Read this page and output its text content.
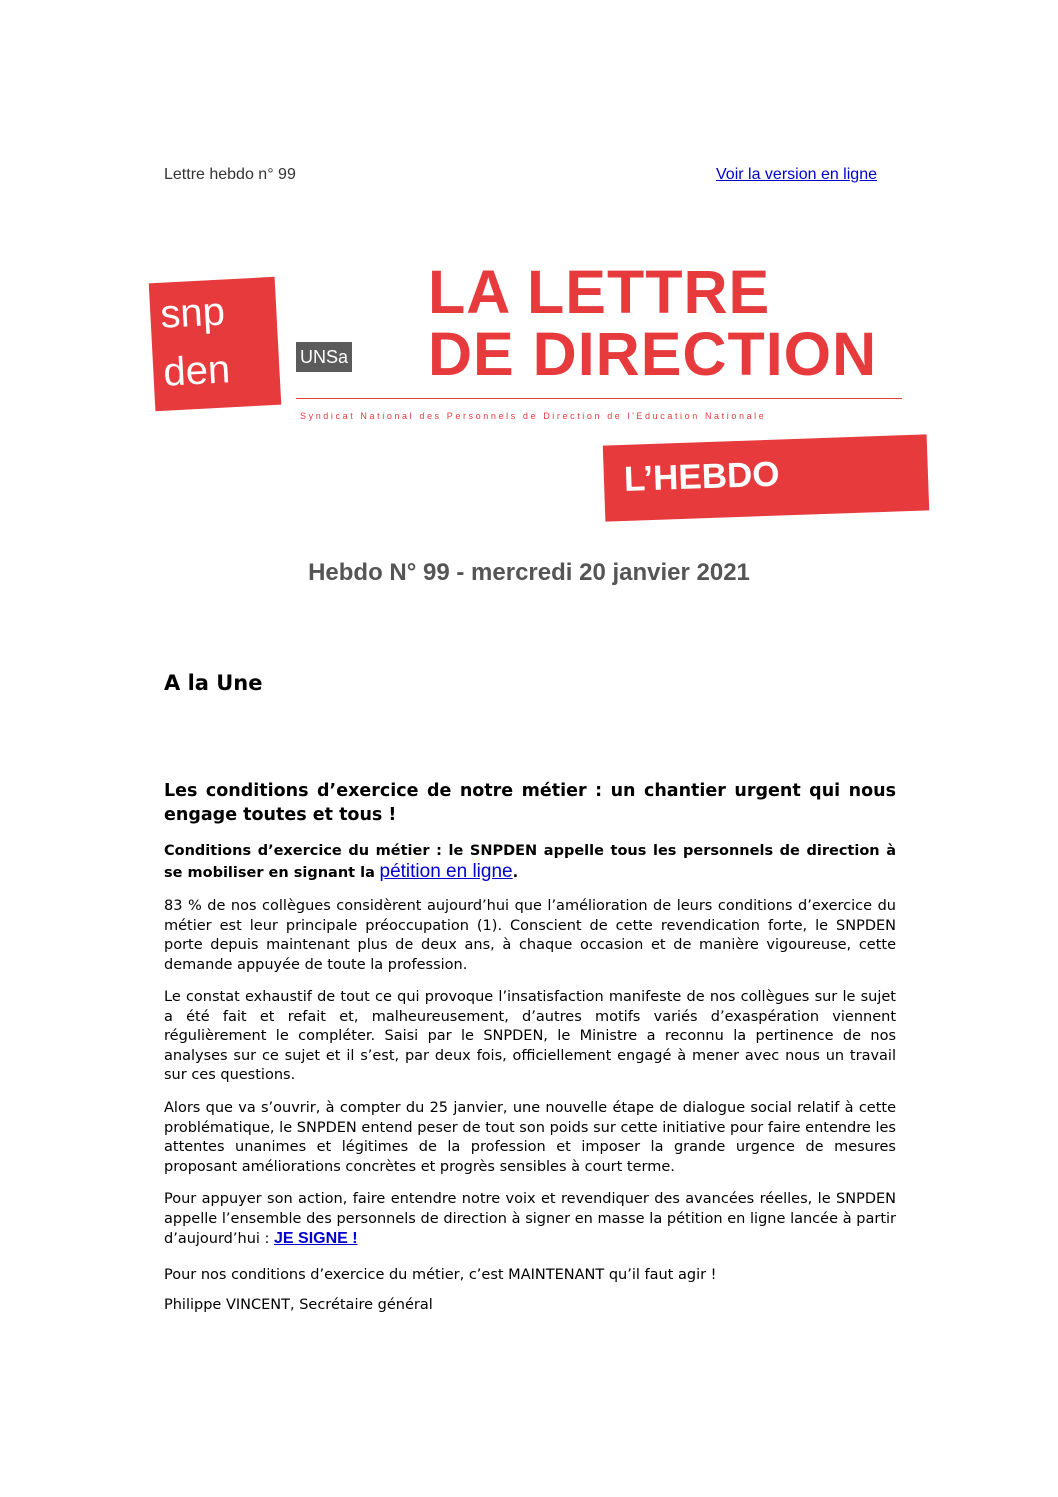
Lettre hebdo n° 99	Voir la version en ligne
snp
den	UNSa
LA LETTRE
DE DIRECTION
Syndicat National des Personnels de Direction de l'Education Nationale
L’HEBDO
Hebdo N° 99 - mercredi 20 janvier 2021
A la Une
Les conditions d’exercice de notre métier : un chantier urgent qui nous engage toutes et tous !
Conditions d’exercice du métier : le SNPDEN appelle tous les personnels de direction à se mobiliser en signant la pétition en ligne.
83 % de nos collègues considèrent aujourd’hui que l’amélioration de leurs conditions d’exercice du métier est leur principale préoccupation (1). Conscient de cette revendication forte, le SNPDEN porte depuis maintenant plus de deux ans, à chaque occasion et de manière vigoureuse, cette demande appuyée de toute la profession.
Le constat exhaustif de tout ce qui provoque l’insatisfaction manifeste de nos collègues sur le sujet a été fait et refait et, malheureusement, d’autres motifs variés d’exaspération viennent régulièrement le compléter. Saisi par le SNPDEN, le Ministre a reconnu la pertinence de nos analyses sur ce sujet et il s’est, par deux fois, officiellement engagé à mener avec nous un travail sur ces questions.
Alors que va s’ouvrir, à compter du 25 janvier, une nouvelle étape de dialogue social relatif à cette problématique, le SNPDEN entend peser de tout son poids sur cette initiative pour faire entendre les attentes unanimes et légitimes de la profession et imposer la grande urgence de mesures proposant améliorations concrètes et progrès sensibles à court terme.
Pour appuyer son action, faire entendre notre voix et revendiquer des avancées réelles, le SNPDEN appelle l’ensemble des personnels de direction à signer en masse la pétition en ligne lancée à partir d’aujourd’hui : JE SIGNE !
Pour nos conditions d’exercice du métier, c’est MAINTENANT qu’il faut agir !
Philippe VINCENT, Secrétaire général
